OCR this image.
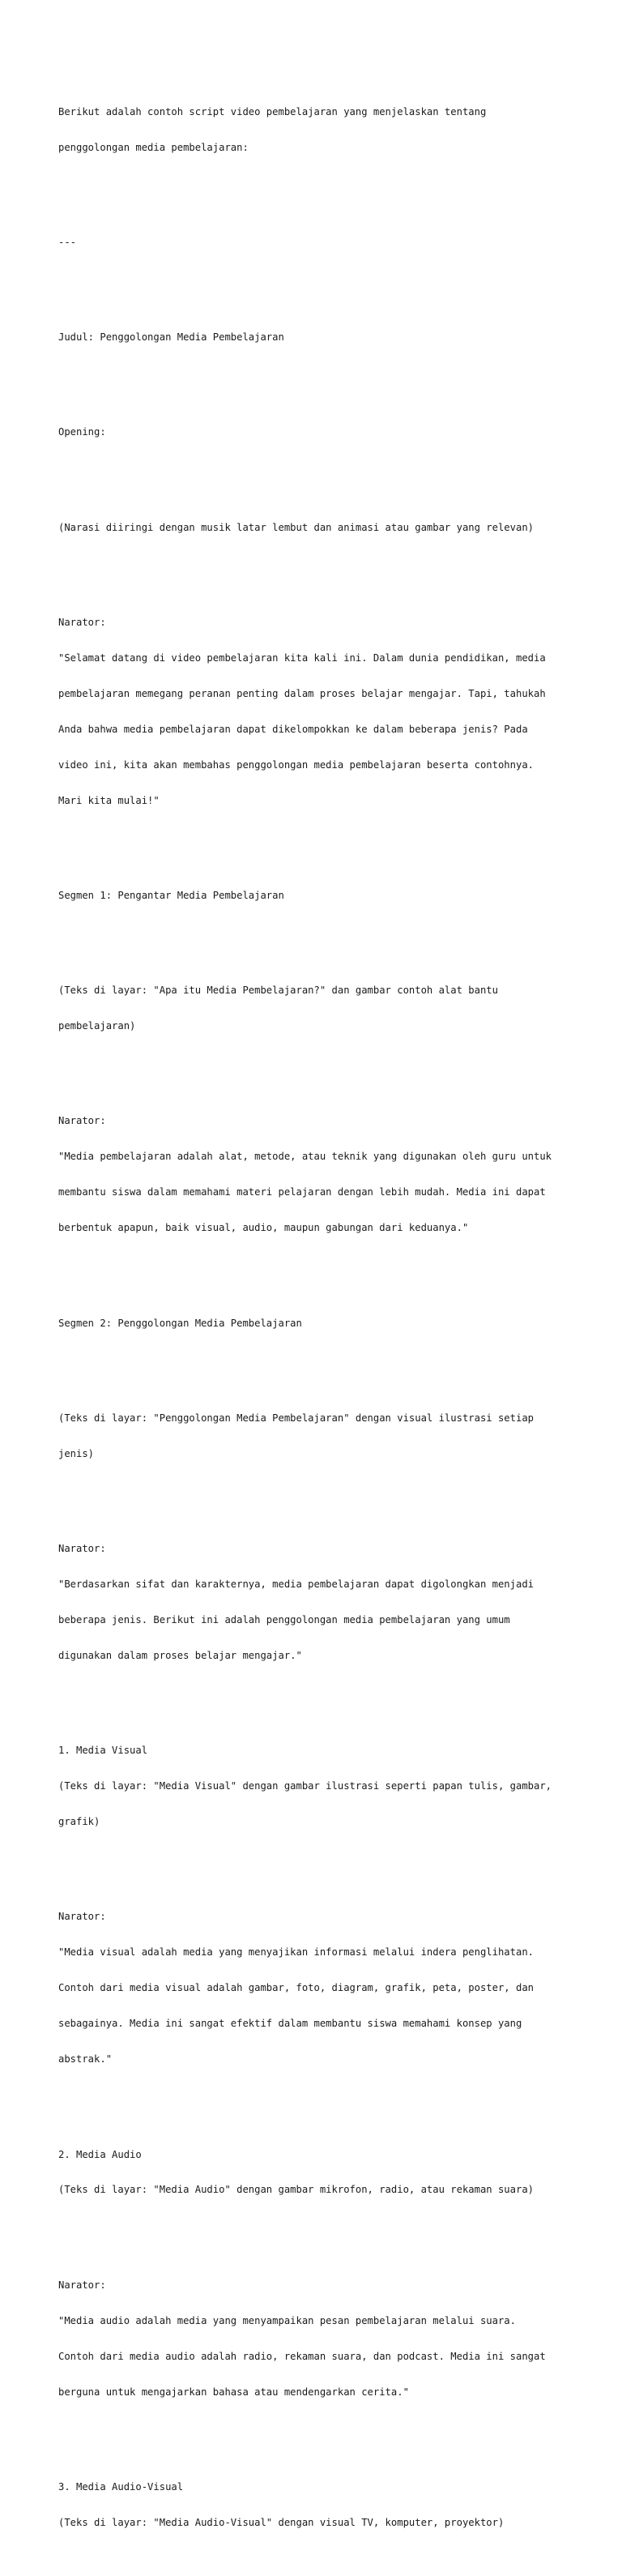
Berikut adalah contoh script video pembelajaran yang menjelaskan tentang

penggolongan media pembelajaran:

---

Judul: Penggolongan Media Pembelajaran

Opening:

(Narasi diiringi dengan musik latar lembut dan animasi atau gambar yang relevan)

Narator:

"Selamat datang di video pembelajaran kita kali ini. Dalam dunia pendidikan, media

pembelajaran memegang peranan penting dalam proses belajar mengajar. Tapi, tahukah

Anda bahwa media pembelajaran dapat dikelompokkan ke dalam beberapa jenis? Pada

video ini, kita akan membahas penggolongan media pembelajaran beserta contohnya.

Mari kita mulai!"

Segmen 1: Pengantar Media Pembelajaran

(Teks di layar: "Apa itu Media Pembelajaran?" dan gambar contoh alat bantu

pembelajaran)

Narator:

"Media pembelajaran adalah alat, metode, atau teknik yang digunakan oleh guru untuk

membantu siswa dalam memahami materi pelajaran dengan lebih mudah. Media ini dapat

berbentuk apapun, baik visual, audio, maupun gabungan dari keduanya."

Segmen 2: Penggolongan Media Pembelajaran

(Teks di layar: "Penggolongan Media Pembelajaran" dengan visual ilustrasi setiap

jenis)

Narator:

"Berdasarkan sifat dan karakternya, media pembelajaran dapat digolongkan menjadi

beberapa jenis. Berikut ini adalah penggolongan media pembelajaran yang umum

digunakan dalam proses belajar mengajar."

1. Media Visual

(Teks di layar: "Media Visual" dengan gambar ilustrasi seperti papan tulis, gambar,

grafik)

Narator:

"Media visual adalah media yang menyajikan informasi melalui indera penglihatan.

Contoh dari media visual adalah gambar, foto, diagram, grafik, peta, poster, dan

sebagainya. Media ini sangat efektif dalam membantu siswa memahami konsep yang

abstrak."

2. Media Audio

(Teks di layar: "Media Audio" dengan gambar mikrofon, radio, atau rekaman suara)

Narator:

"Media audio adalah media yang menyampaikan pesan pembelajaran melalui suara.

Contoh dari media audio adalah radio, rekaman suara, dan podcast. Media ini sangat

berguna untuk mengajarkan bahasa atau mendengarkan cerita."

3. Media Audio-Visual

(Teks di layar: "Media Audio-Visual" dengan visual TV, komputer, proyektor)
